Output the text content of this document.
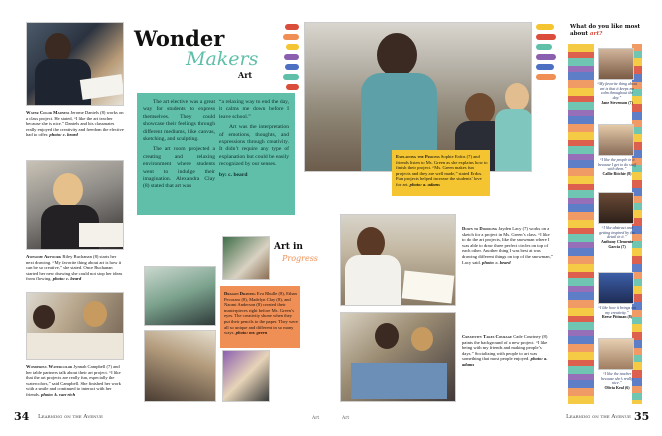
Water Color Madness Jerome Daniels (8) works on a class project. He stated, “I like the art teacher because she is nice.” Daniels and his classmates really enjoyed the creativity and freedom the elective had to offer. photo: c. beard
Awesome Artwork Riley Buchanan (8) starts her next drawing. “My favorite thing about art is how it can be so creative,” she stated. Once Buchanan started her new drawing she could not stop her ideas from flowing. photo: c. beard
Wonderful Watercolor Jynnah Campbell (7) and her table partners talk about their art project. “I like that the art projects are really fun, especially the watercolors,” said Campbell. She finished her work with a smile and continued to interact with her friends. photo: k. van-rich
Wonder
Makers
Art

The art elective was a great way for students to express themselves. They could showcase their feelings through different mediums, like canvas, sketching, and sculpting.

The art room projected a creating and relaxing environment where students went to indulge their imagination. Alexandra Clay (8) stated that art was

“a relaxing way to end the day, it calms me down before I leave school.”

Art was the interpretation of emotions, thoughts, and expressions through creativity. It didn’t require any type of explanation but could be easily recognized by our senses.

by: c. beard

Art in
Progress
Dragon Drawing Eva Rhulle (8), Ethan Pecoraro (8), Madelyn Clay (8), and Naomi Anderson (8) created their masterpieces right before Ms. Green’s eyes. The creativity shone when they put their pencils to the paper. They were all so unique and different in so many ways. photo: mr. green
Explaining the Process Sophie Erdos (7) and friends listen to Ms. Green as she explains how to finish their project. “Ms. Green makes fun projects and they are well made,” stated Erdos. Fun projects helped increase the students’ love for art. photo: a. adams
Down to Doodling Jayden Lacy (7) works on a sketch for a project in Ms. Green’s class. “I like to do the art projects, like the snowman where I was able to draw three perfect circles on top of each other. Another thing I was best at was drawing different things on top of the snowman,” Lacy said. photo: c. beard
Creativity Takes Courage Cade Courtney (8) paints the background of a new project. “I like being with my friends and making people’s days.” Socializing with people to art was something that most people enjoyed. photo: a. adams
What do you like most about art?
“My favorite thing about art is that it keeps me calm throughout the day.”
Jane Stevenson (7)
“I like the people in it because I get to do stuff with them.”
Callie Ritchie (8)
“I like abstract and getting inspired by the detail in it.”
Anthony Clemente Garcia (7)
“I like how it brings out my creativity.”
Reese Pittman (8)
“I like the teacher because she’s really nice.”
Olivia Keal (6)
34 Learning on the Avenue	Art	Art	Learning on the Avenue 35
